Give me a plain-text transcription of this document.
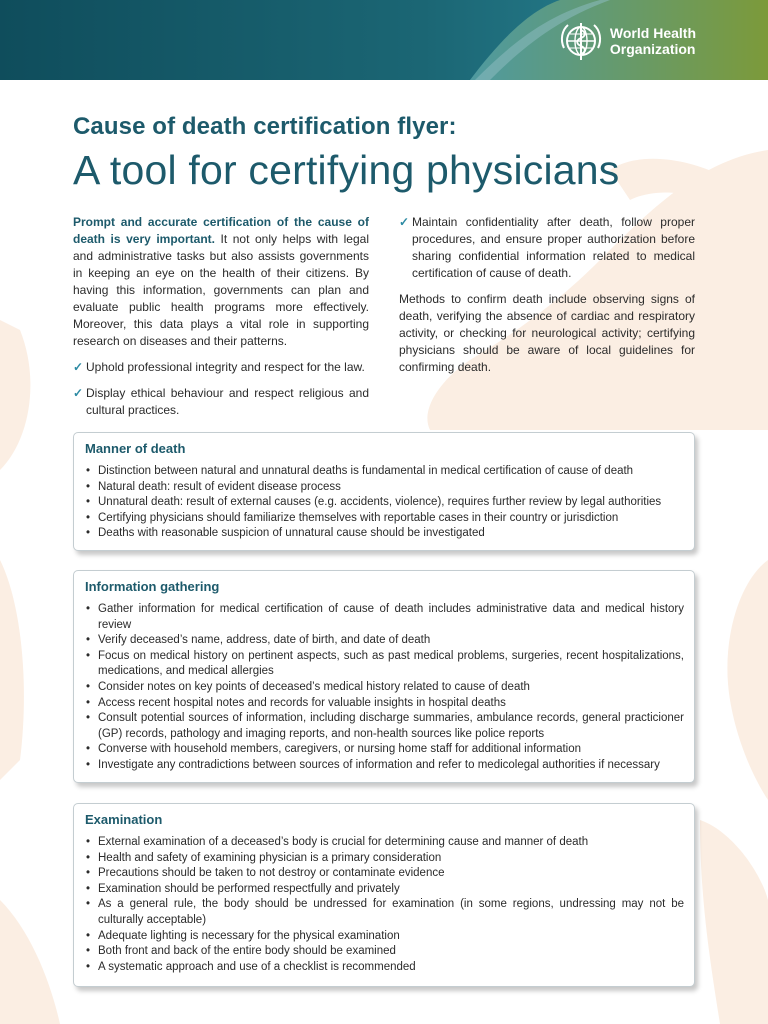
World Health
Organization
Cause of death certification flyer:
A tool for certifying physicians

Prompt and accurate certification of the cause of death is very important. It not only helps with legal and administrative tasks but also assists governments in keeping an eye on the health of their citizens. By having this information, governments can plan and evaluate public health programs more effectively. Moreover, this data plays a vital role in supporting research on diseases and their patterns.

✓ Uphold professional integrity and respect for the law.
✓ Display ethical behaviour and respect religious and cultural practices.
✓ Maintain confidentiality after death, follow proper procedures, and ensure proper authorization before sharing confidential information related to medical certification of cause of death.

Methods to confirm death include observing signs of death, verifying the absence of cardiac and respiratory activity, or checking for neurological activity; certifying physicians should be aware of local guidelines for confirming death.

Manner of death
• Distinction between natural and unnatural deaths is fundamental in medical certification of cause of death
• Natural death: result of evident disease process
• Unnatural death: result of external causes (e.g. accidents, violence), requires further review by legal authorities
• Certifying physicians should familiarize themselves with reportable cases in their country or jurisdiction
• Deaths with reasonable suspicion of unnatural cause should be investigated
Information gathering
• Gather information for medical certification of cause of death includes administrative data and medical history review
• Verify deceased’s name, address, date of birth, and date of death
• Focus on medical history on pertinent aspects, such as past medical problems, surgeries, recent hospitalizations, medications, and medical allergies
• Consider notes on key points of deceased’s medical history related to cause of death
• Access recent hospital notes and records for valuable insights in hospital deaths
• Consult potential sources of information, including discharge summaries, ambulance records, general practicioner (GP) records, pathology and imaging reports, and non-health sources like police reports
• Converse with household members, caregivers, or nursing home staff for additional information
• Investigate any contradictions between sources of information and refer to medicolegal authorities if necessary
Examination
• External examination of a deceased’s body is crucial for determining cause and manner of death
• Health and safety of examining physician is a primary consideration
• Precautions should be taken to not destroy or contaminate evidence
• Examination should be performed respectfully and privately
• As a general rule, the body should be undressed for examination (in some regions, undressing may not be culturally acceptable)
• Adequate lighting is necessary for the physical examination
• Both front and back of the entire body should be examined
• A systematic approach and use of a checklist is recommended
